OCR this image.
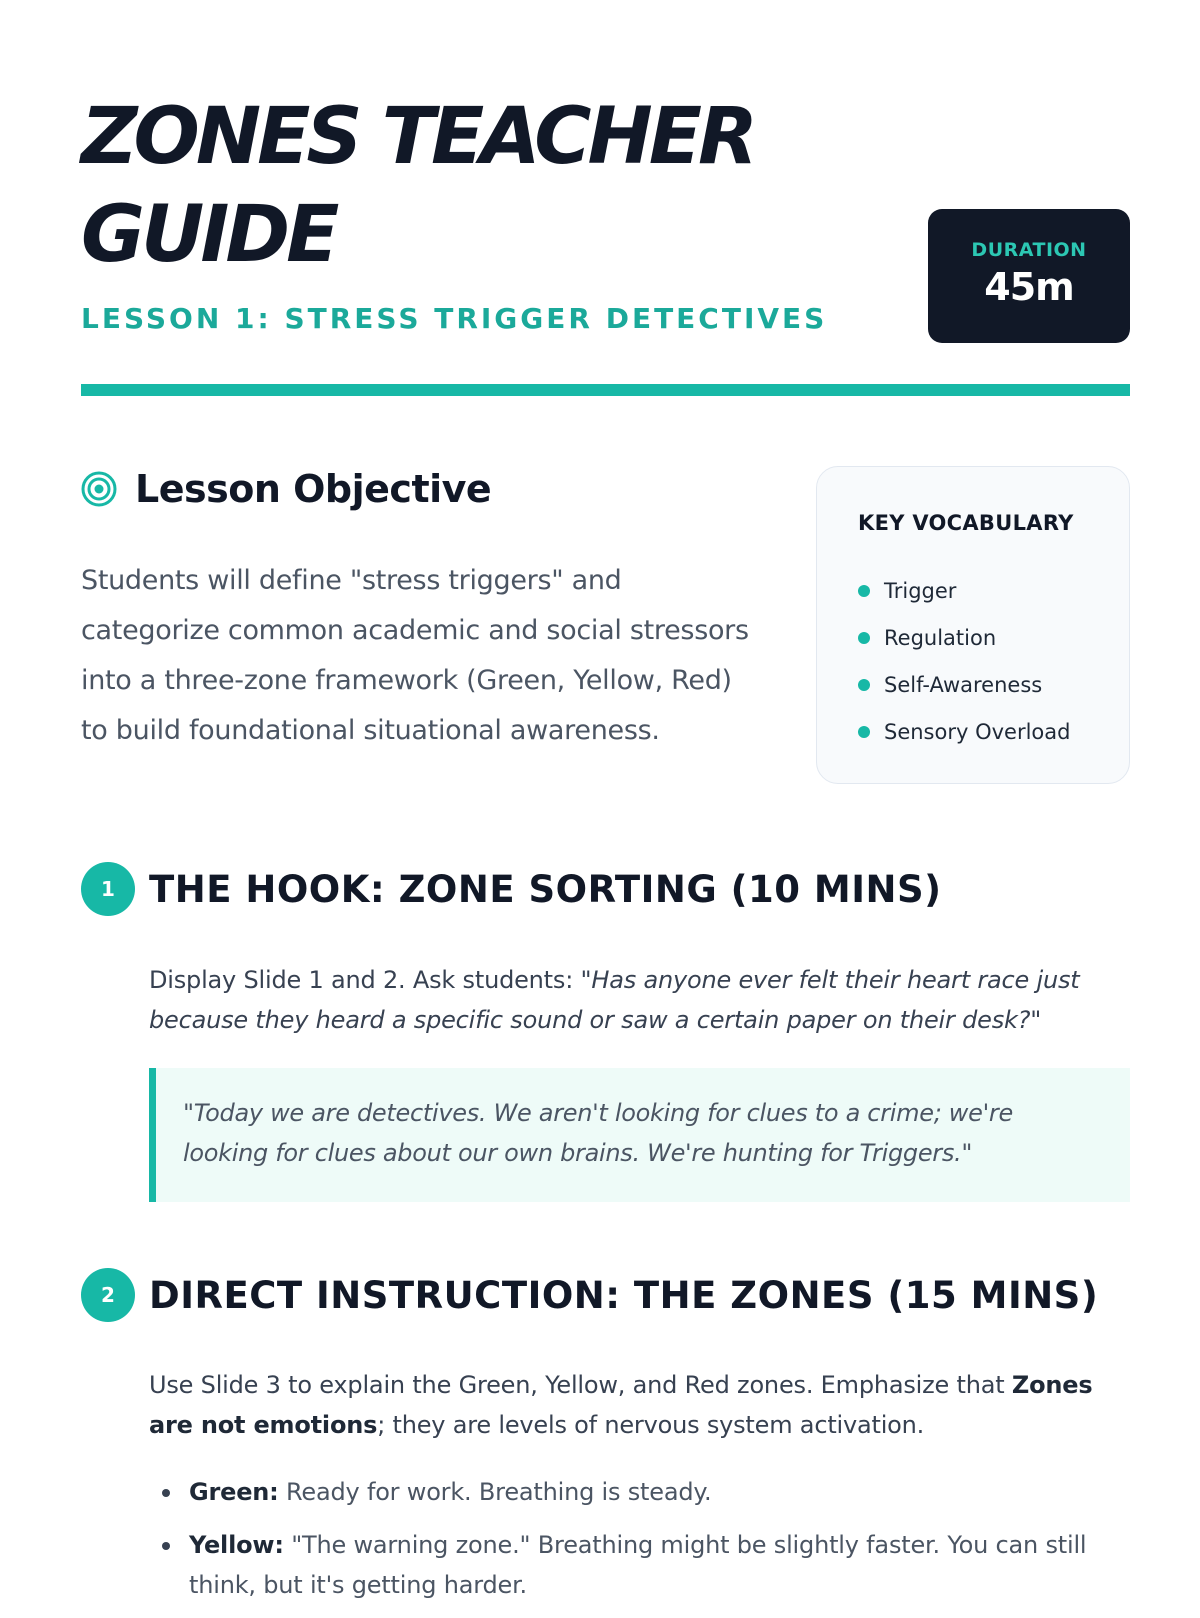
ZONES TEACHER GUIDE
LESSON 1: STRESS TRIGGER DETECTIVES
DURATION
45m
Lesson Objective

Students will define "stress triggers" and categorize common academic and social stressors into a three-zone framework (Green, Yellow, Red) to build foundational situational awareness.

KEY VOCABULARY
Trigger
Regulation
Self-Awareness
Sensory Overload
1 THE HOOK: ZONE SORTING (10 MINS)

Display Slide 1 and 2. Ask students: "Has anyone ever felt their heart race just because they heard a specific sound or saw a certain paper on their desk?"

"Today we are detectives. We aren't looking for clues to a crime; we're looking for clues about our own brains. We're hunting for Triggers."

2 DIRECT INSTRUCTION: THE ZONES (15 MINS)

Use Slide 3 to explain the Green, Yellow, and Red zones. Emphasize that Zones are not emotions; they are levels of nervous system activation.

Green: Ready for work. Breathing is steady.
Yellow: "The warning zone." Breathing might be slightly faster. You can still think, but it's getting harder.
